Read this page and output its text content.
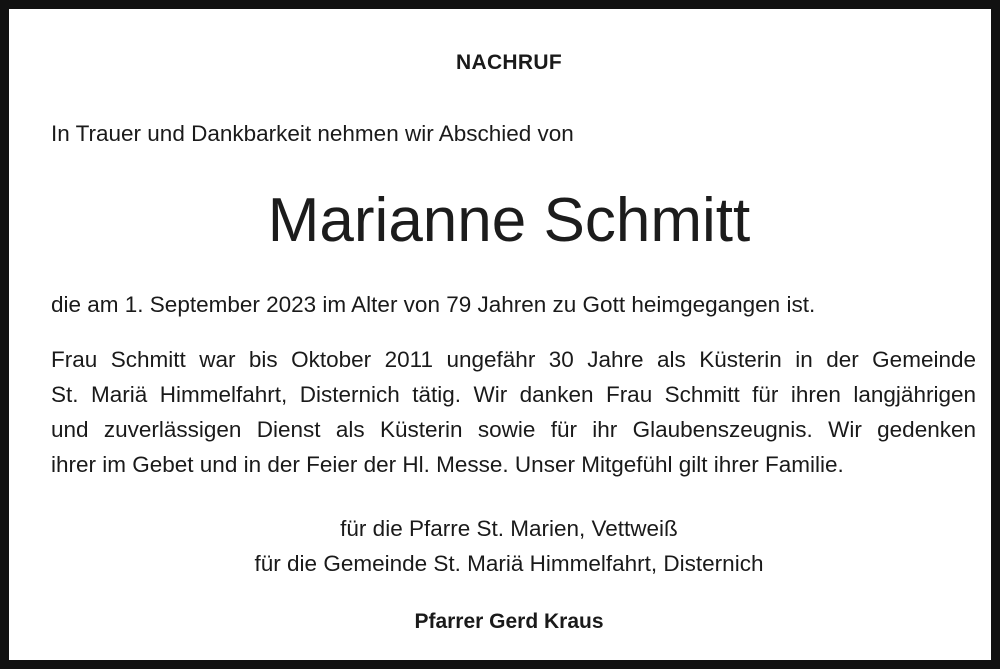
NACHRUF
In Trauer und Dankbarkeit nehmen wir Abschied von
Marianne Schmitt
die am 1. September 2023 im Alter von 79 Jahren zu Gott heimgegangen ist.
Frau Schmitt war bis Oktober 2011 ungefähr 30 Jahre als Küsterin in der Gemeinde
St. Mariä Himmelfahrt, Disternich tätig. Wir danken Frau Schmitt für ihren langjährigen
und zuverlässigen Dienst als Küsterin sowie für ihr Glaubenszeugnis. Wir gedenken
ihrer im Gebet und in der Feier der Hl. Messe. Unser Mitgefühl gilt ihrer Familie.
für die Pfarre St. Marien, Vettweiß
für die Gemeinde St. Mariä Himmelfahrt, Disternich
Pfarrer Gerd Kraus
